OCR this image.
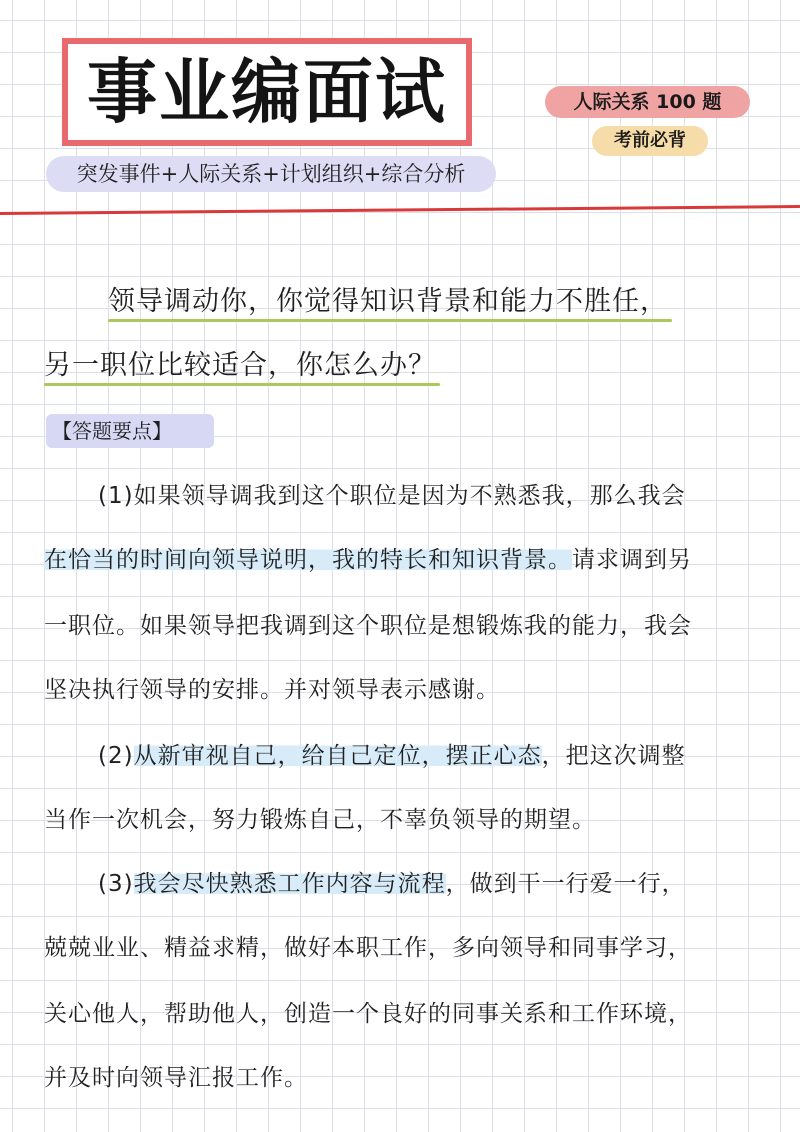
事业编面试
突发事件+人际关系+计划组织+综合分析
人际关系 100 题
考前必背
领导调动你，你觉得知识背景和能力不胜任，
另一职位比较适合，你怎么办？
【答题要点】
(1)如果领导调我到这个职位是因为不熟悉我，那么我会
在恰当的时间向领导说明，我的特长和知识背景。请求调到另
一职位。如果领导把我调到这个职位是想锻炼我的能力，我会
坚决执行领导的安排。并对领导表示感谢。
(2)从新审视自己，给自己定位，摆正心态，把这次调整
当作一次机会，努力锻炼自己，不辜负领导的期望。
(3)我会尽快熟悉工作内容与流程，做到干一行爱一行，
兢兢业业、精益求精，做好本职工作，多向领导和同事学习，
关心他人，帮助他人，创造一个良好的同事关系和工作环境，
并及时向领导汇报工作。
